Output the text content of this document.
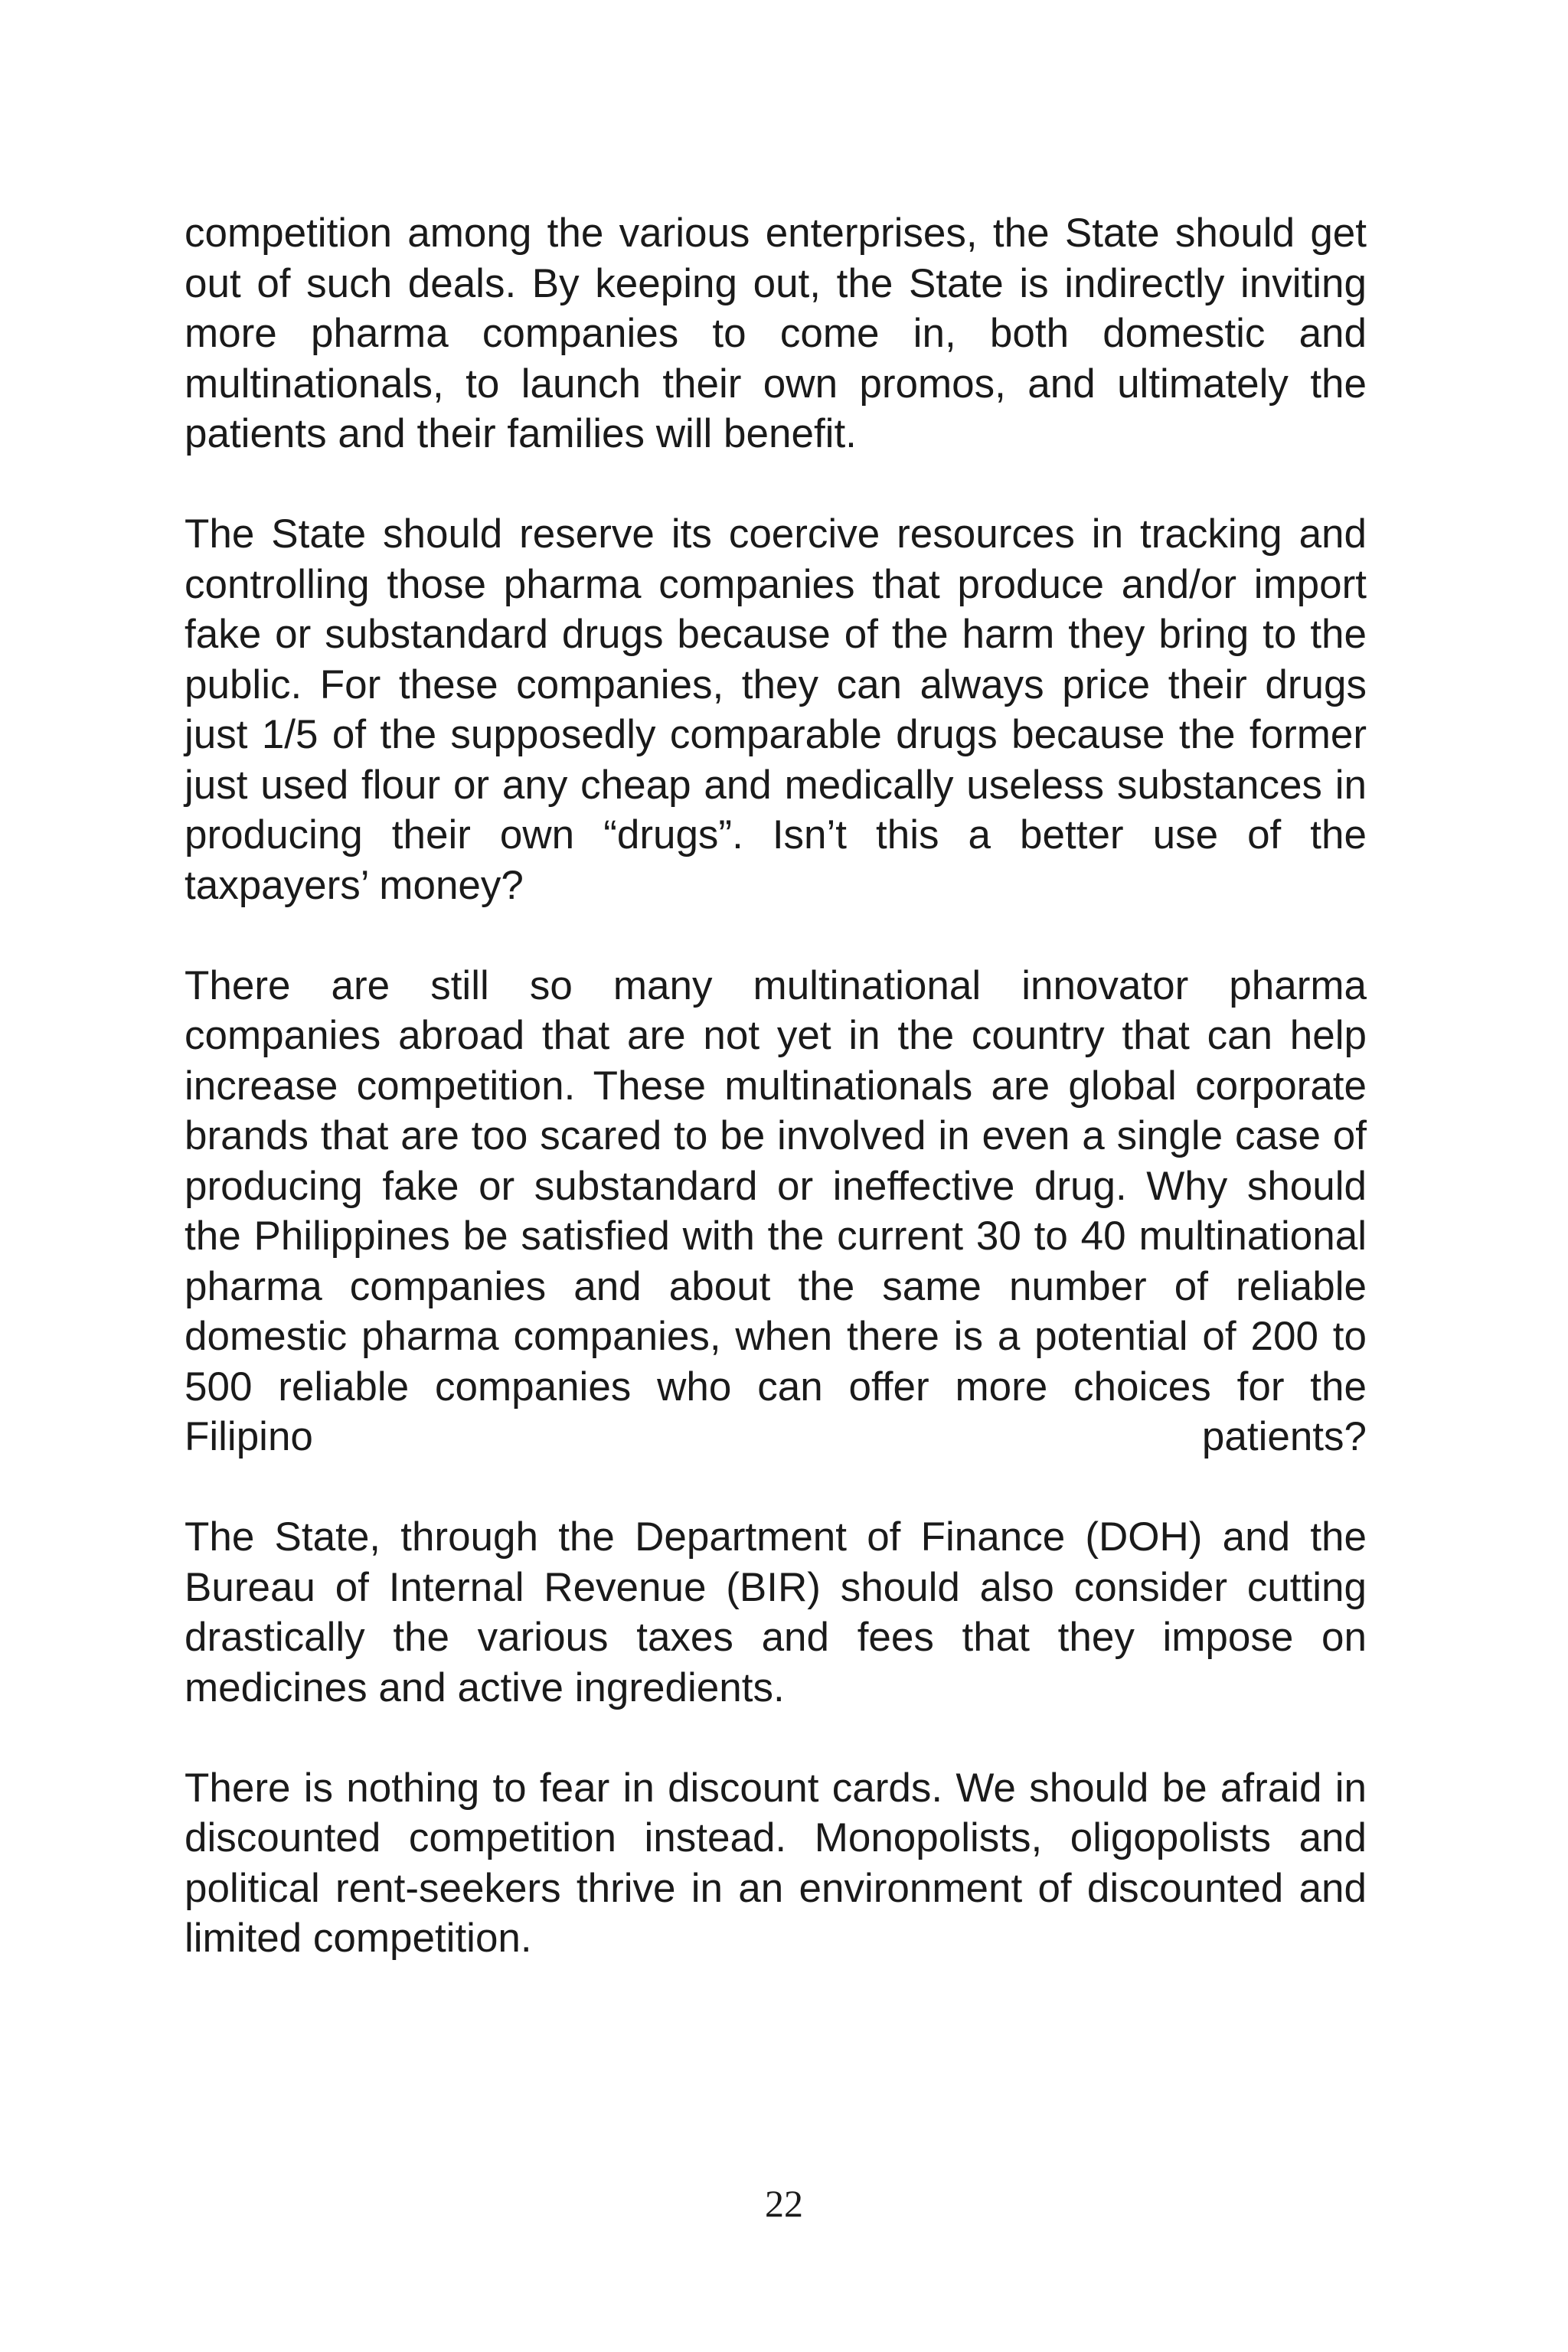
competition among the various enterprises, the State should get out of such deals. By keeping out, the State is indirectly inviting more pharma companies to come in, both domestic and multinationals, to launch their own promos, and ultimately the patients and their families will benefit.

The State should reserve its coercive resources in tracking and controlling those pharma companies that produce and/or import fake or substandard drugs because of the harm they bring to the public. For these companies, they can always price their drugs just 1/5 of the supposedly comparable drugs because the former just used flour or any cheap and medically useless substances in producing their own “drugs”. Isn’t this a better use of the taxpayers’ money?

There are still so many multinational innovator pharma companies abroad that are not yet in the country that can help increase competition. These multinationals are global corporate brands that are too scared to be involved in even a single case of producing fake or substandard or ineffective drug. Why should the Philippines be satisfied with the current 30 to 40 multinational pharma companies and about the same number of reliable domestic pharma companies, when there is a potential of 200 to 500 reliable companies who can offer more choices for the Filipino patients?

The State, through the Department of Finance (DOH) and the Bureau of Internal Revenue (BIR) should also consider cutting drastically the various taxes and fees that they impose on medicines and active ingredients.

There is nothing to fear in discount cards. We should be afraid in discounted competition instead. Monopolists, oligopolists and political rent-seekers thrive in an environment of discounted and limited competition.

22
